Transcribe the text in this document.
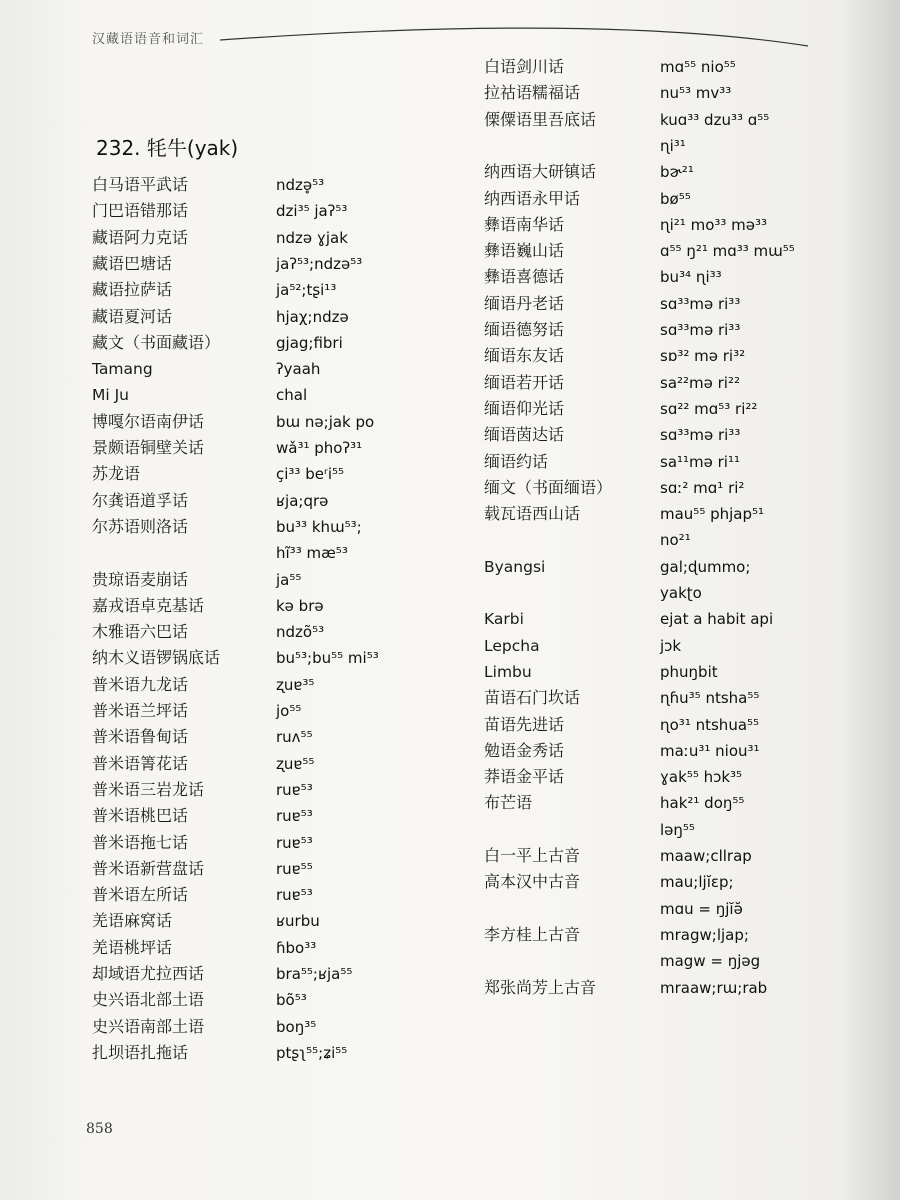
汉藏语语音和词汇
232. 牦牛(yak)
白马语平武话	ndzə̥⁵³
门巴语错那话	dzi³⁵ jaʔ⁵³
藏语阿力克话	ndzə ɣjak
藏语巴塘话	jaʔ⁵³;ndzə⁵³
藏语拉萨话	ja⁵²;tʂi¹³
藏语夏河话	hjaχ;ndzə
藏文（书面藏语）	gjag;fibri
Tamang	ʔyaah
Mi Ju	chal
博嘎尔语南伊话	bɯ nə;jak po
景颇语铜壁关话	wǎ³¹ phoʔ³¹
苏龙语	çi³³ beʳi⁵⁵
尔龚语道孚话	ʁja;qrə
尔苏语则洛话	bu³³ khɯ⁵³;
hĩ³³ mæ⁵³
贵琼语麦崩话	ja⁵⁵
嘉戎语卓克基话	kə brə
木雅语六巴话	ndzõ⁵³
纳木义语锣锅底话	bu⁵³;bu⁵⁵ mi⁵³
普米语九龙话	ʐuɐ³⁵
普米语兰坪话	jo⁵⁵
普米语鲁甸话	ruʌ⁵⁵
普米语箐花话	ʐuɐ⁵⁵
普米语三岩龙话	ruɐ⁵³
普米语桃巴话	ruɐ⁵³
普米语拖七话	ruɐ⁵³
普米语新营盘话	ruɐ⁵⁵
普米语左所话	ruɐ⁵³
羌语麻窝话	ʁurbu
羌语桃坪话	ɦbo³³
却域语尤拉西话	bra⁵⁵;ʁja⁵⁵
史兴语北部土语	bõ⁵³
史兴语南部土语	boŋ³⁵
扎坝语扎拖话	ptʂʅ⁵⁵;ʑi⁵⁵
白语剑川话	mɑ⁵⁵ nio⁵⁵
拉祜语糯福话	nu⁵³ mv³³
傈僳语里吾底话	kuɑ³³ dzu³³ ɑ⁵⁵
ɳi³¹
纳西语大研镇话	bɚ²¹
纳西语永甲话	bø⁵⁵
彝语南华话	ɳi²¹ mo³³ mə³³
彝语巍山话	ɑ⁵⁵ ŋ²¹ mɑ³³ mɯ⁵⁵
彝语喜德话	bu³⁴ ɳi³³
缅语丹老话	sɑ³³mə ri³³
缅语德努话	sɑ³³mə ri³³
缅语东友话	sɒ³² mə ri³²
缅语若开话	sa²²mə ri²²
缅语仰光话	sɑ²² mɑ⁵³ ri²²
缅语茵达话	sɑ³³mə ri³³
缅语约话	sa¹¹mə ri¹¹
缅文（书面缅语）	sɑː² mɑ¹ ri²
载瓦语西山话	mau⁵⁵ phjap⁵¹
no²¹
Byangsi	gal;ɖummo;
yakʈo
Karbi	ejat a habit api
Lepcha	jɔk
Limbu	phuŋbit
苗语石门坎话	ɳɦu³⁵ ntsha⁵⁵
苗语先进话	ɳo³¹ ntshua⁵⁵
勉语金秀话	maːu³¹ niou³¹
莽语金平话	ɣak⁵⁵ hɔk³⁵
布芒语	hak²¹ doŋ⁵⁵
ləŋ⁵⁵
白一平上古音	maaw;cllrap
高本汉中古音	mau;ljĭɛp;
mɑu = ŋjĭə̆
李方桂上古音	mragw;ljap;
magw = ŋjəg
郑张尚芳上古音	mraaw;rɯ;rab
858
